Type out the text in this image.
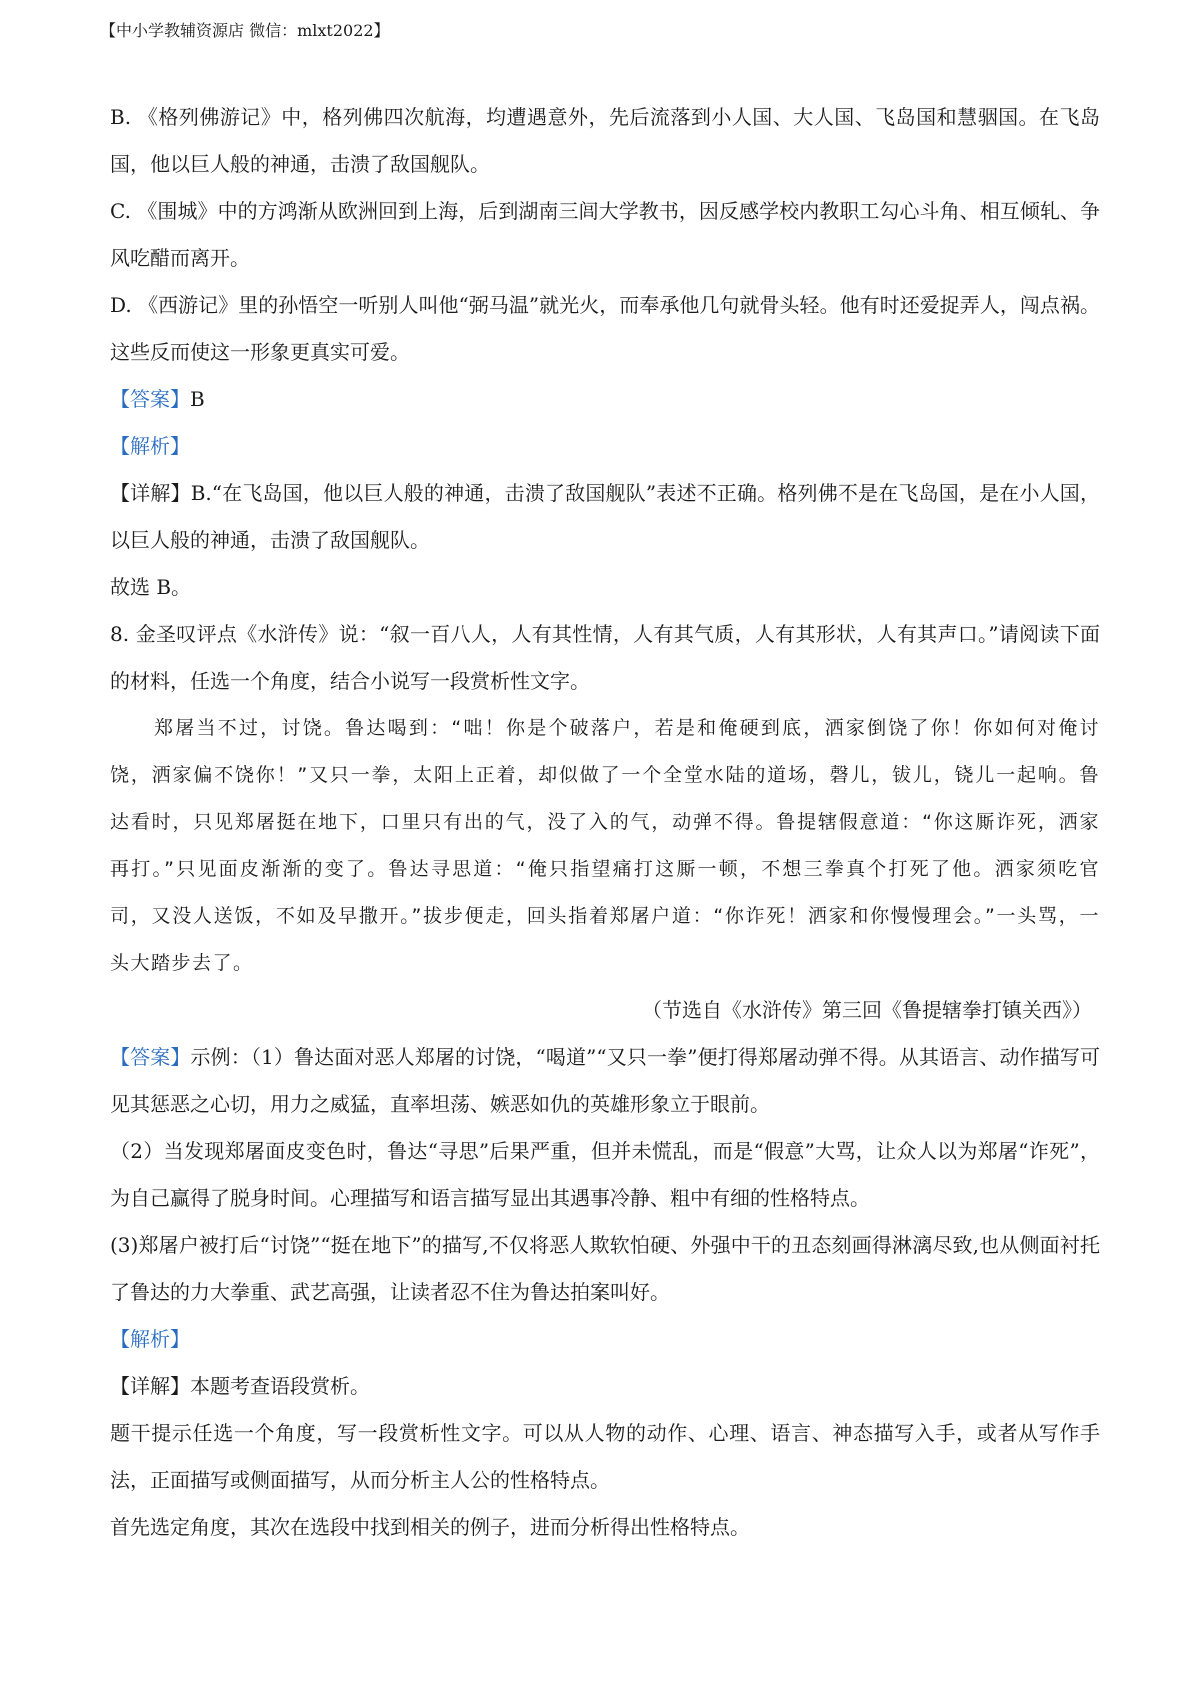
【中小学教辅资源店 微信：mlxt2022】

B. 《格列佛游记》中，格列佛四次航海，均遭遇意外，先后流落到小人国、大人国、飞岛国和慧骃国。在飞岛国，他以巨人般的神通，击溃了敌国舰队。

C. 《围城》中的方鸿渐从欧洲回到上海，后到湖南三闾大学教书，因反感学校内教职工勾心斗角、相互倾轧、争风吃醋而离开。

D. 《西游记》里的孙悟空一听别人叫他“弼马温”就光火，而奉承他几句就骨头轻。他有时还爱捉弄人，闯点祸。这些反而使这一形象更真实可爱。

【答案】B

【解析】

【详解】B.“在飞岛国，他以巨人般的神通，击溃了敌国舰队”表述不正确。格列佛不是在飞岛国，是在小人国，以巨人般的神通，击溃了敌国舰队。

故选 B。

8. 金圣叹评点《水浒传》说：“叙一百八人，人有其性情，人有其气质，人有其形状，人有其声口。”请阅读下面的材料，任选一个角度，结合小说写一段赏析性文字。

郑屠当不过，讨饶。鲁达喝到：“咄！你是个破落户，若是和俺硬到底，洒家倒饶了你！你如何对俺讨饶，洒家偏不饶你！”又只一拳，太阳上正着，却似做了一个全堂水陆的道场，磬儿，钹儿，铙儿一起响。鲁达看时，只见郑屠挺在地下，口里只有出的气，没了入的气，动弹不得。鲁提辖假意道：“你这厮诈死，洒家再打。”只见面皮渐渐的变了。鲁达寻思道：“俺只指望痛打这厮一顿，不想三拳真个打死了他。洒家须吃官司，又没人送饭，不如及早撒开。”拔步便走，回头指着郑屠户道：“你诈死！洒家和你慢慢理会。”一头骂，一头大踏步去了。

（节选自《水浒传》第三回《鲁提辖拳打镇关西》）

【答案】示例：（1）鲁达面对恶人郑屠的讨饶，“喝道”“又只一拳”便打得郑屠动弹不得。从其语言、动作描写可见其惩恶之心切，用力之威猛，直率坦荡、嫉恶如仇的英雄形象立于眼前。

（2）当发现郑屠面皮变色时，鲁达“寻思”后果严重，但并未慌乱，而是“假意”大骂，让众人以为郑屠“诈死”，为自己赢得了脱身时间。心理描写和语言描写显出其遇事冷静、粗中有细的性格特点。

(3)郑屠户被打后“讨饶”“挺在地下”的描写,不仅将恶人欺软怕硬、外强中干的丑态刻画得淋漓尽致,也从侧面衬托了鲁达的力大拳重、武艺高强，让读者忍不住为鲁达拍案叫好。

【解析】

【详解】本题考查语段赏析。

题干提示任选一个角度，写一段赏析性文字。可以从人物的动作、心理、语言、神态描写入手，或者从写作手法，正面描写或侧面描写，从而分析主人公的性格特点。

首先选定角度，其次在选段中找到相关的例子，进而分析得出性格特点。
